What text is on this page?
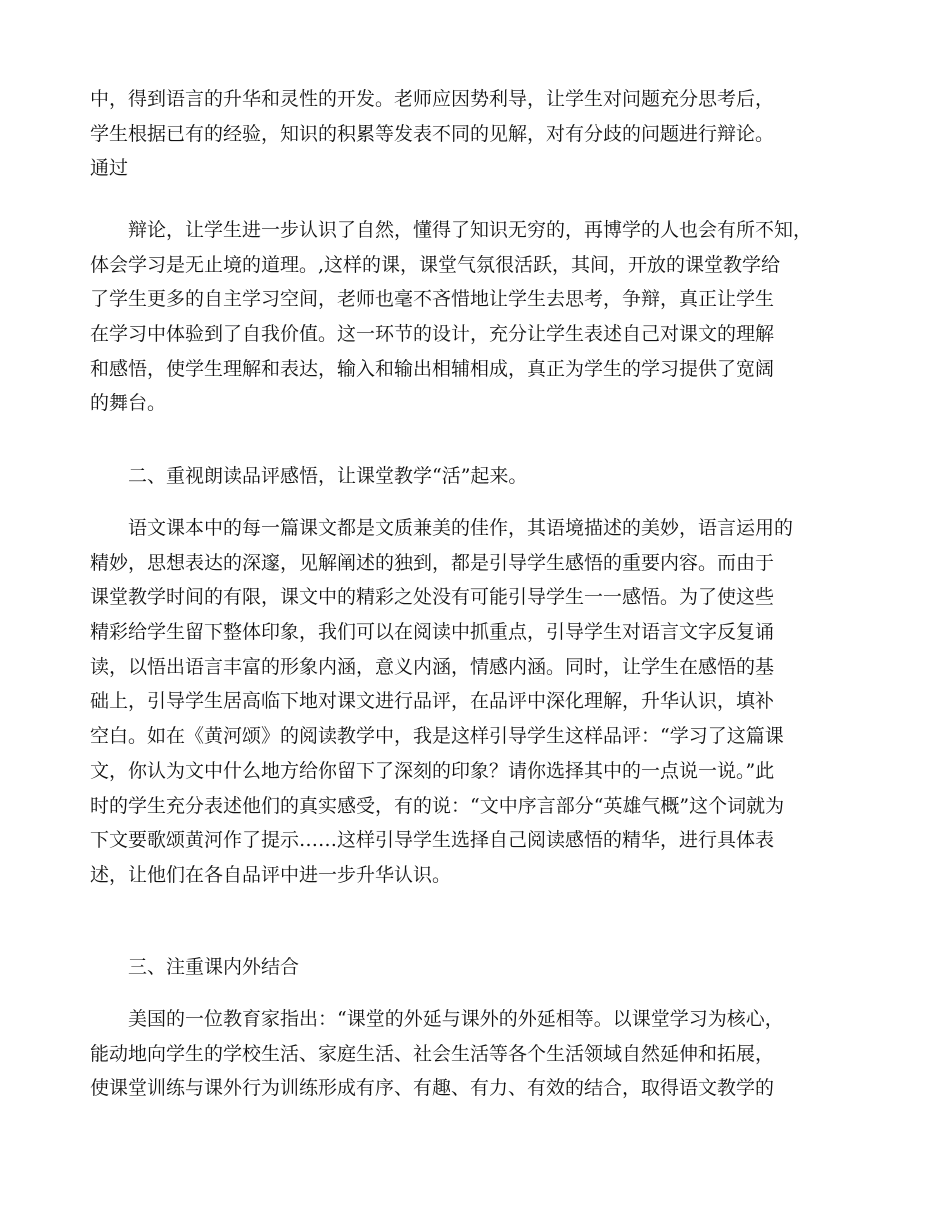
中，得到语言的升华和灵性的开发。老师应因势利导，让学生对问题充分思考后，
学生根据已有的经验，知识的积累等发表不同的见解，对有分歧的问题进行辩论。
通过
辩论，让学生进一步认识了自然，懂得了知识无穷的，再博学的人也会有所不知，
体会学习是无止境的道理。,这样的课，课堂气氛很活跃，其间，开放的课堂教学给
了学生更多的自主学习空间，老师也毫不吝惜地让学生去思考，争辩，真正让学生
在学习中体验到了自我价值。这一环节的设计，充分让学生表述自己对课文的理解
和感悟，使学生理解和表达，输入和输出相辅相成，真正为学生的学习提供了宽阔
的舞台。
二、重视朗读品评感悟，让课堂教学“活”起来。
语文课本中的每一篇课文都是文质兼美的佳作，其语境描述的美妙，语言运用的
精妙，思想表达的深邃，见解阐述的独到，都是引导学生感悟的重要内容。而由于
课堂教学时间的有限，课文中的精彩之处没有可能引导学生一一感悟。为了使这些
精彩给学生留下整体印象，我们可以在阅读中抓重点，引导学生对语言文字反复诵
读，以悟出语言丰富的形象内涵，意义内涵，情感内涵。同时，让学生在感悟的基
础上，引导学生居高临下地对课文进行品评，在品评中深化理解，升华认识，填补
空白。如在《黄河颂》的阅读教学中，我是这样引导学生这样品评：“学习了这篇课
文，你认为文中什么地方给你留下了深刻的印象？请你选择其中的一点说一说。”此
时的学生充分表述他们的真实感受，有的说：“文中序言部分“英雄气概”这个词就为
下文要歌颂黄河作了提示……这样引导学生选择自己阅读感悟的精华，进行具体表
述，让他们在各自品评中进一步升华认识。
三、注重课内外结合
美国的一位教育家指出：“课堂的外延与课外的外延相等。以课堂学习为核心，
能动地向学生的学校生活、家庭生活、社会生活等各个生活领域自然延伸和拓展，
使课堂训练与课外行为训练形成有序、有趣、有力、有效的结合，取得语文教学的
